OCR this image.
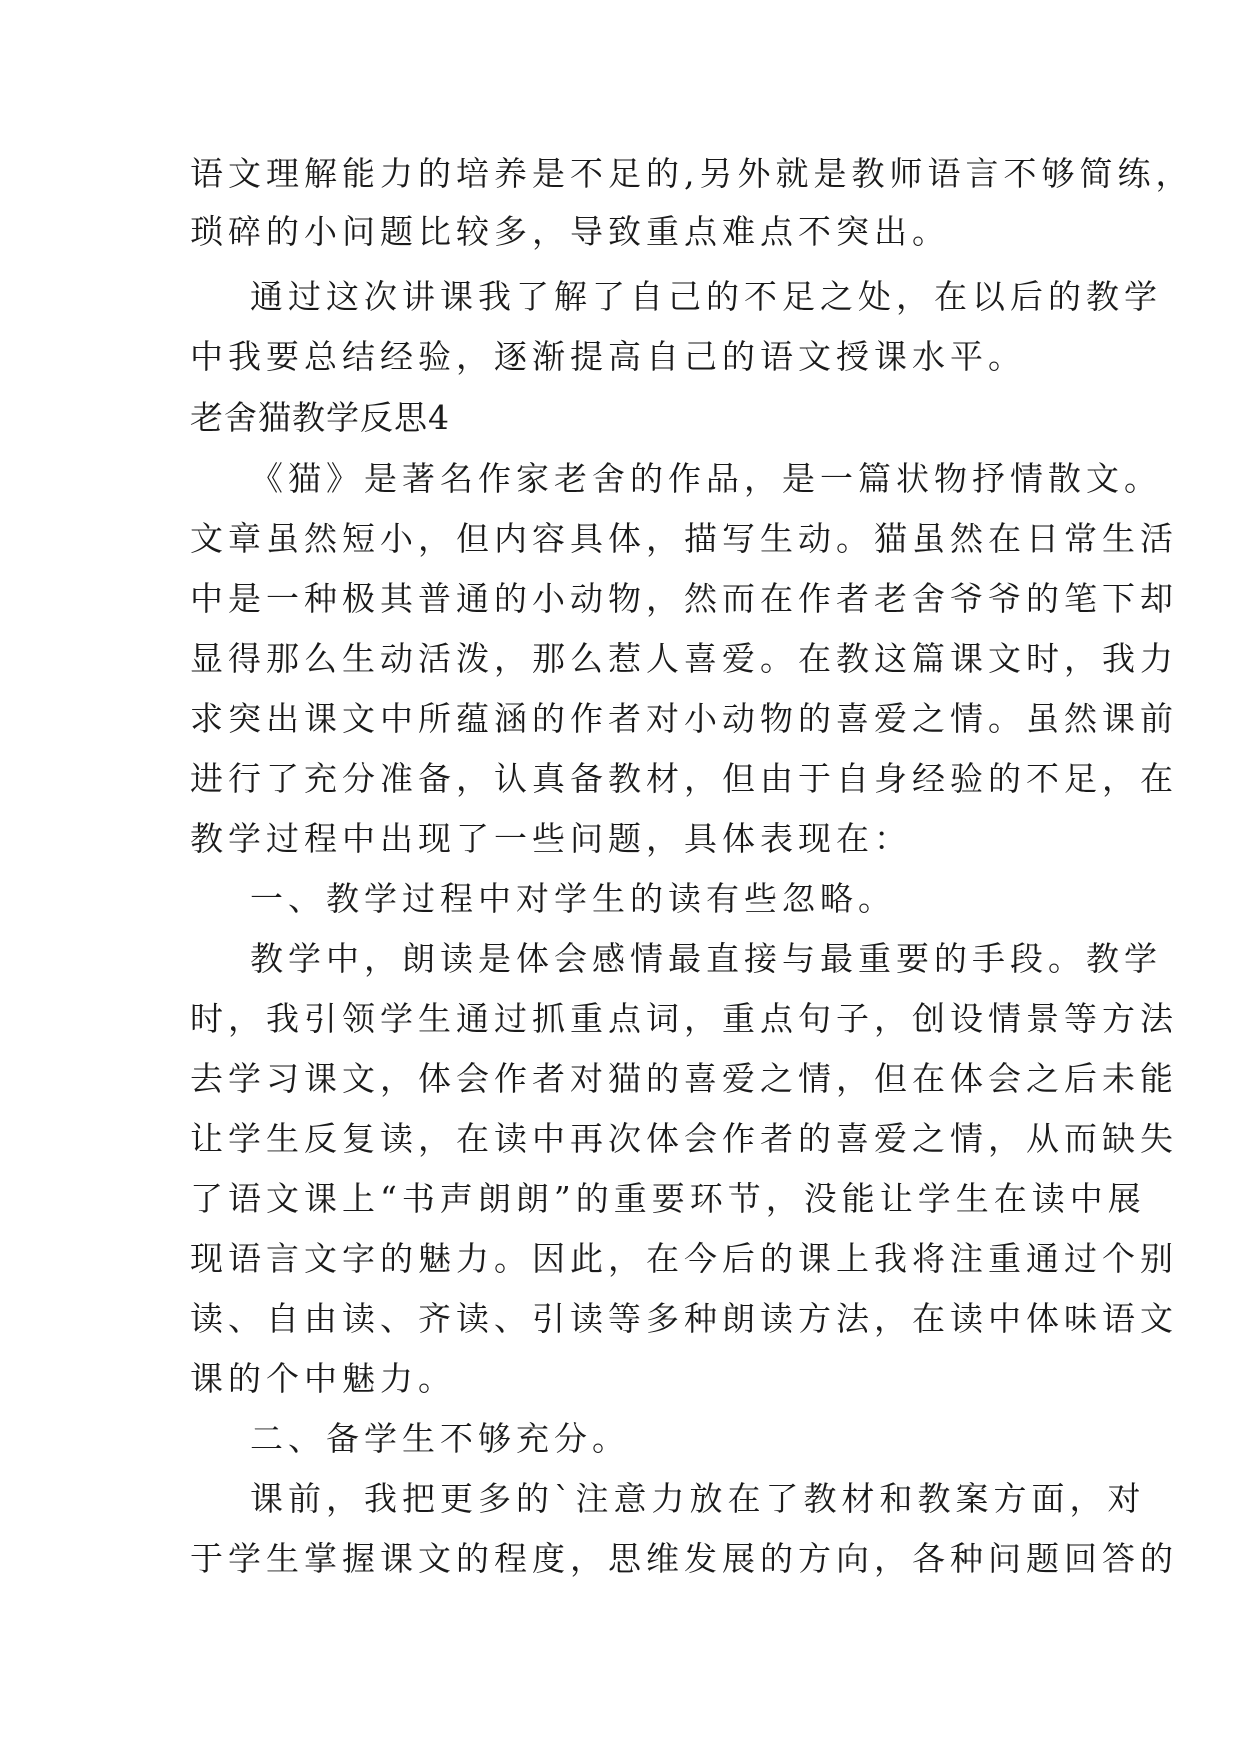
语文理解能力的培养是不足的,另外就是教师语言不够简练，

琐碎的小问题比较多，导致重点难点不突出。

通过这次讲课我了解了自己的不足之处，在以后的教学

中我要总结经验，逐渐提高自己的语文授课水平。

老舍猫教学反思4

《猫》是著名作家老舍的作品，是一篇状物抒情散文。

文章虽然短小，但内容具体，描写生动。猫虽然在日常生活

中是一种极其普通的小动物，然而在作者老舍爷爷的笔下却

显得那么生动活泼，那么惹人喜爱。在教这篇课文时，我力

求突出课文中所蕴涵的作者对小动物的喜爱之情。虽然课前

进行了充分准备，认真备教材，但由于自身经验的不足，在

教学过程中出现了一些问题，具体表现在：

一、教学过程中对学生的读有些忽略。

教学中，朗读是体会感情最直接与最重要的手段。教学

时，我引领学生通过抓重点词，重点句子，创设情景等方法

去学习课文，体会作者对猫的喜爱之情，但在体会之后未能

让学生反复读，在读中再次体会作者的喜爱之情，从而缺失

了语文课上“书声朗朗”的重要环节，没能让学生在读中展

现语言文字的魅力。因此，在今后的课上我将注重通过个别

读、自由读、齐读、引读等多种朗读方法，在读中体味语文

课的个中魅力。

二、备学生不够充分。

课前，我把更多的`注意力放在了教材和教案方面，对

于学生掌握课文的程度，思维发展的方向，各种问题回答的
